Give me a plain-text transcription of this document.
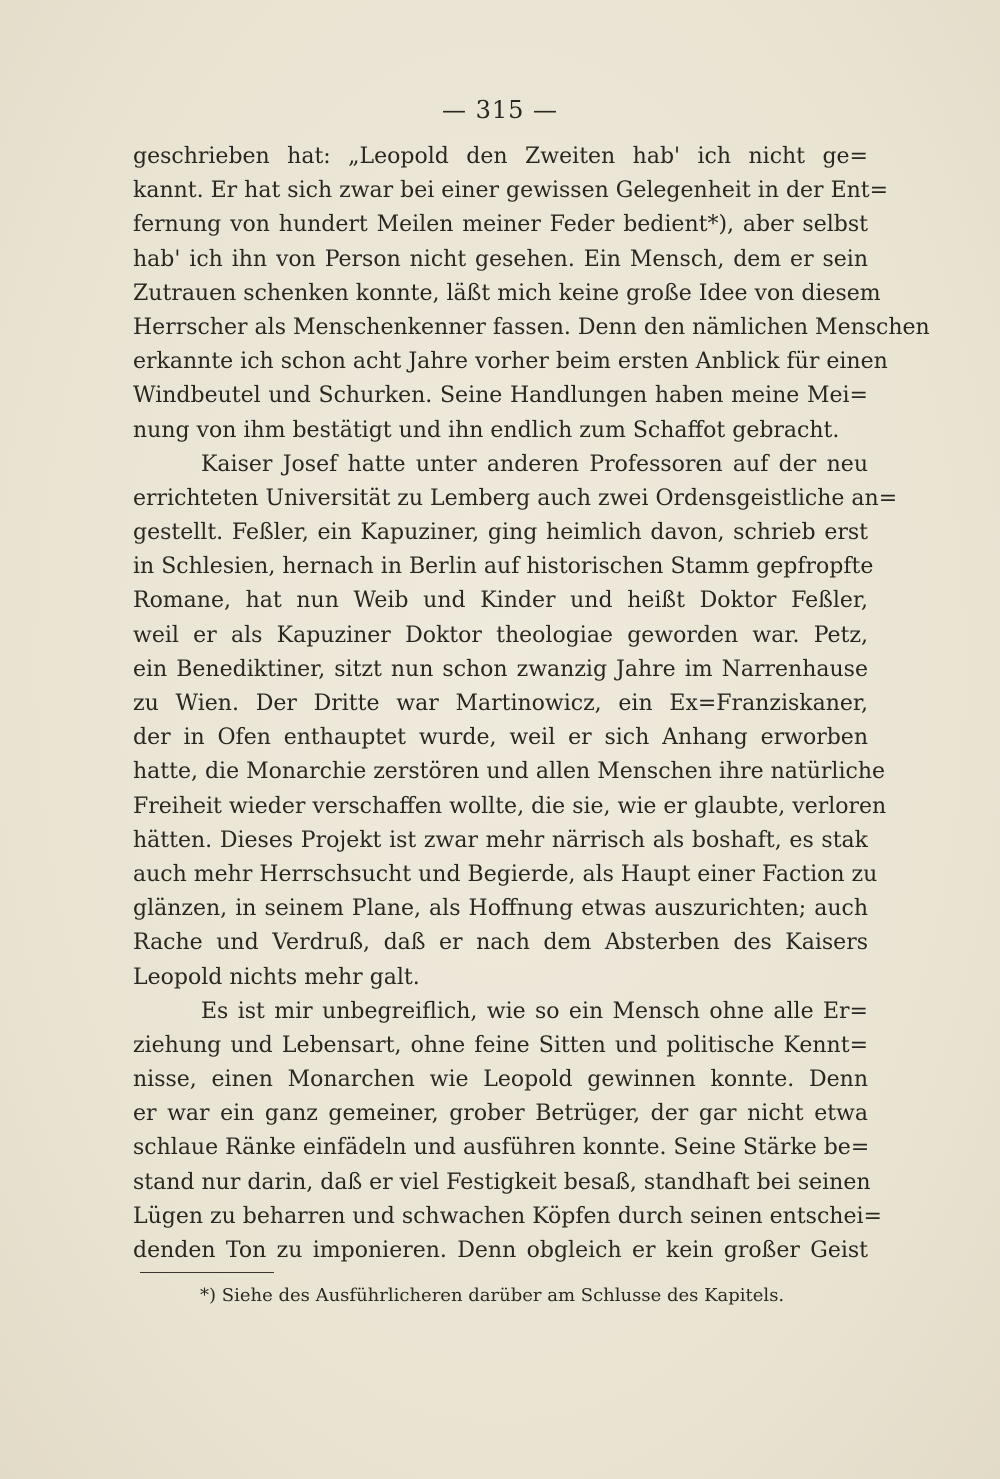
— 315 —
geschrieben hat: „Leopold den Zweiten hab' ich nicht ge=
kannt. Er hat sich zwar bei einer gewissen Gelegenheit in der Ent=
fernung von hundert Meilen meiner Feder bedient*), aber selbst
hab' ich ihn von Person nicht gesehen. Ein Mensch, dem er sein
Zutrauen schenken konnte, läßt mich keine große Idee von diesem
Herrscher als Menschenkenner fassen. Denn den nämlichen Menschen
erkannte ich schon acht Jahre vorher beim ersten Anblick für einen
Windbeutel und Schurken. Seine Handlungen haben meine Mei=
nung von ihm bestätigt und ihn endlich zum Schaffot gebracht.
Kaiser Josef hatte unter anderen Professoren auf der neu
errichteten Universität zu Lemberg auch zwei Ordensgeistliche an=
gestellt. Feßler, ein Kapuziner, ging heimlich davon, schrieb erst
in Schlesien, hernach in Berlin auf historischen Stamm gepfropfte
Romane, hat nun Weib und Kinder und heißt Doktor Feßler,
weil er als Kapuziner Doktor theologiae geworden war. Petz,
ein Benediktiner, sitzt nun schon zwanzig Jahre im Narrenhause
zu Wien. Der Dritte war Martinowicz, ein Ex=Franziskaner,
der in Ofen enthauptet wurde, weil er sich Anhang erworben
hatte, die Monarchie zerstören und allen Menschen ihre natürliche
Freiheit wieder verschaffen wollte, die sie, wie er glaubte, verloren
hätten. Dieses Projekt ist zwar mehr närrisch als boshaft, es stak
auch mehr Herrschsucht und Begierde, als Haupt einer Faction zu
glänzen, in seinem Plane, als Hoffnung etwas auszurichten; auch
Rache und Verdruß, daß er nach dem Absterben des Kaisers
Leopold nichts mehr galt.
Es ist mir unbegreiflich, wie so ein Mensch ohne alle Er=
ziehung und Lebensart, ohne feine Sitten und politische Kennt=
nisse, einen Monarchen wie Leopold gewinnen konnte. Denn
er war ein ganz gemeiner, grober Betrüger, der gar nicht etwa
schlaue Ränke einfädeln und ausführen konnte. Seine Stärke be=
stand nur darin, daß er viel Festigkeit besaß, standhaft bei seinen
Lügen zu beharren und schwachen Köpfen durch seinen entschei=
denden Ton zu imponieren. Denn obgleich er kein großer Geist
*) Siehe des Ausführlicheren darüber am Schlusse des Kapitels.
